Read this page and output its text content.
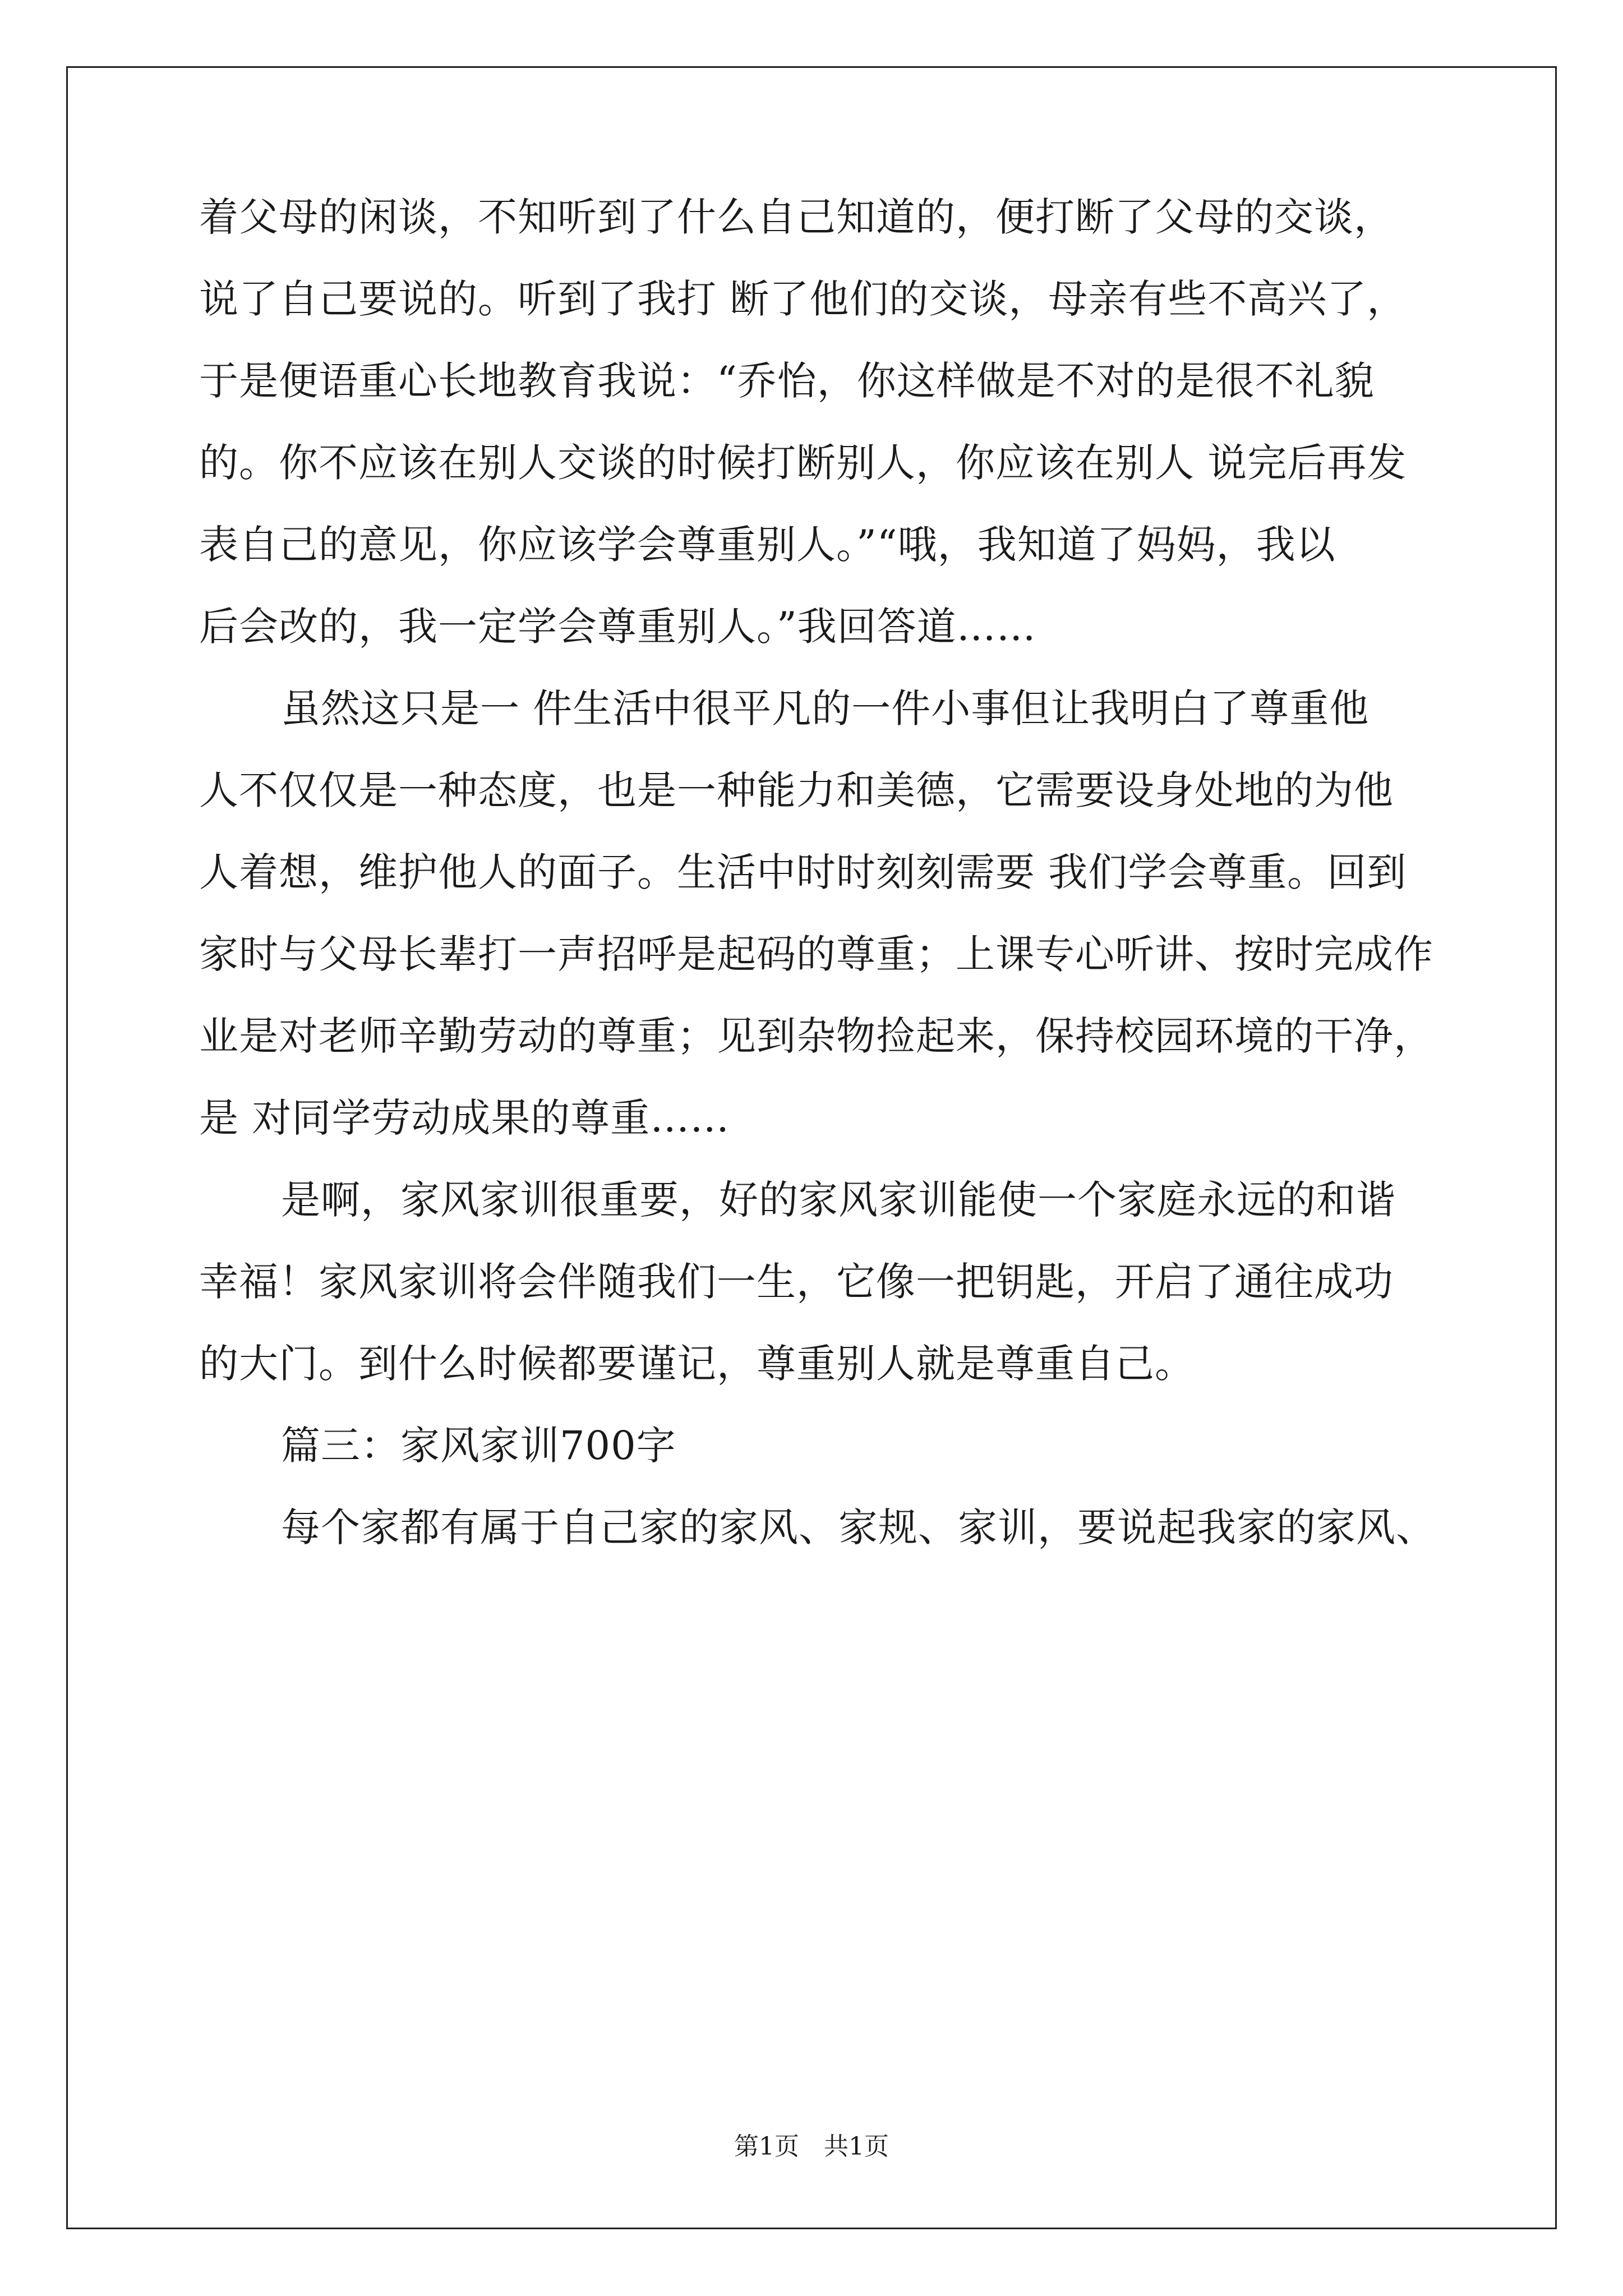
着父母的闲谈，不知听到了什么自己知道的，便打断了父母的交谈，
说了自己要说的。听到了我打 断了他们的交谈，母亲有些不高兴了，
于是便语重心长地教育我说：“乔怡，你这样做是不对的是很不礼貌
的。你不应该在别人交谈的时候打断别人，你应该在别人 说完后再发
表自己的意见，你应该学会尊重别人。”“哦，我知道了妈妈，我以
后会改的，我一定学会尊重别人。”我回答道……
虽然这只是一 件生活中很平凡的一件小事但让我明白了尊重他
人不仅仅是一种态度，也是一种能力和美德，它需要设身处地的为他
人着想，维护他人的面子。生活中时时刻刻需要 我们学会尊重。回到
家时与父母长辈打一声招呼是起码的尊重；上课专心听讲、按时完成作
业是对老师辛勤劳动的尊重；见到杂物捡起来，保持校园环境的干净，
是 对同学劳动成果的尊重……
是啊，家风家训很重要，好的家风家训能使一个家庭永远的和谐
幸福！家风家训将会伴随我们一生，它像一把钥匙，开启了通往成功
的大门。到什么时候都要谨记，尊重别人就是尊重自己。
篇三：家风家训700字
每个家都有属于自己家的家风、家规、家训，要说起我家的家风、
第1页　共1页
